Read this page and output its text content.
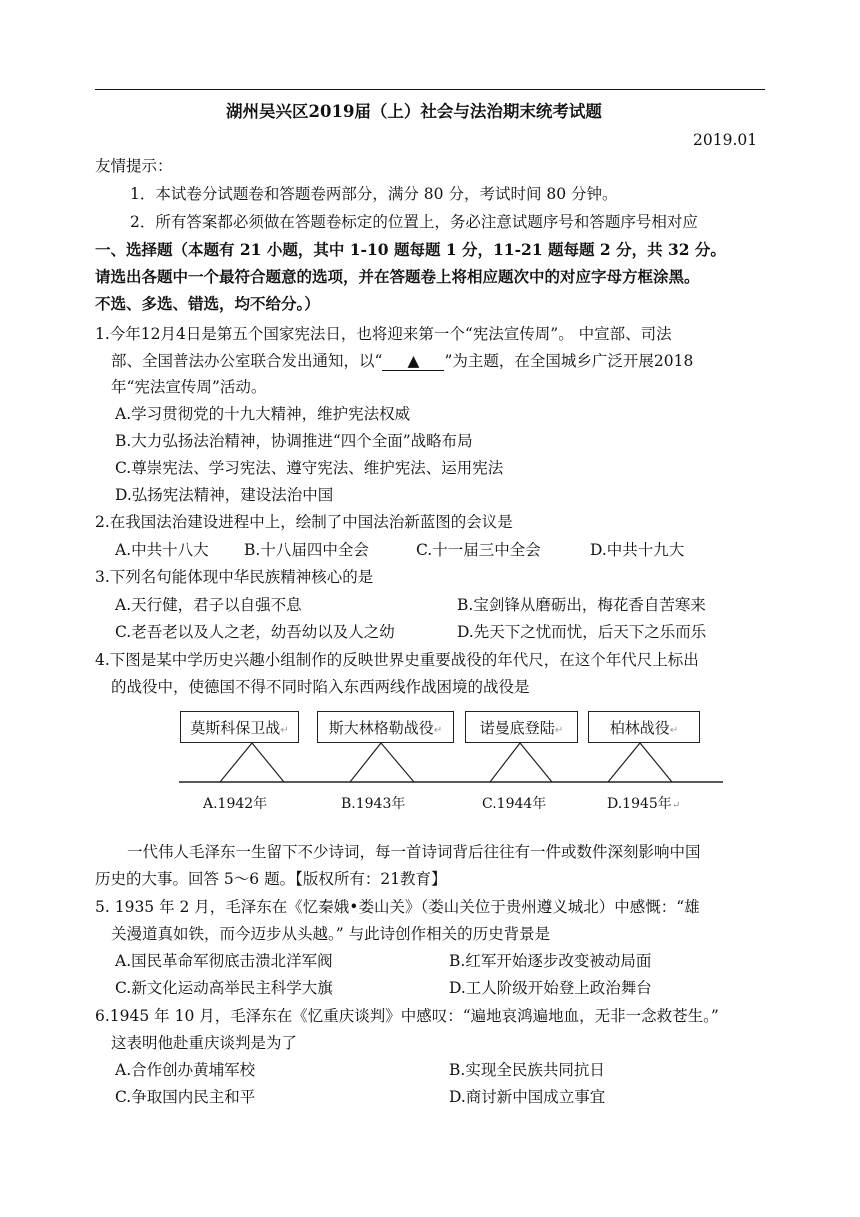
湖州吴兴区2019届（上）社会与法治期末统考试题
2019.01
友情提示：
1．本试卷分试题卷和答题卷两部分，满分 80 分，考试时间 80 分钟。
2．所有答案都必须做在答题卷标定的位置上，务必注意试题序号和答题序号相对应
一、选择题（本题有 21 小题，其中 1-10 题每题 1 分，11-21 题每题 2 分，共 32 分。
请选出各题中一个最符合题意的选项，并在答题卷上将相应题次中的对应字母方框涂黑。
不选、多选、错选，均不给分。）
1.今年12月4日是第五个国家宪法日，也将迎来第一个“宪法宣传周”。 中宣部、司法
部、全国普法办公室联合发出通知，以“ ▲ ”为主题，在全国城乡广泛开展2018
年“宪法宣传周”活动。
A.学习贯彻党的十九大精神，维护宪法权威
B.大力弘扬法治精神，协调推进“四个全面”战略布局
C.尊崇宪法、学习宪法、遵守宪法、维护宪法、运用宪法
D.弘扬宪法精神，建设法治中国
2.在我国法治建设进程中上，绘制了中国法治新蓝图的会议是
A.中共十八大 B.十八届四中全会	C.十一届三中全会	D.中共十九大
3.下列名句能体现中华民族精神核心的是
A.天行健，君子以自强不息	B.宝剑锋从磨砺出，梅花香自苦寒来
C.老吾老以及人之老，幼吾幼以及人之幼	D.先天下之忧而忧，后天下之乐而乐
4.下图是某中学历史兴趣小组制作的反映世界史重要战役的年代尺，在这个年代尺上标出
的战役中，使德国不得不同时陷入东西两线作战困境的战役是
莫斯科保卫战↵	斯大林格勒战役↵	诺曼底登陆↵	柏林战役↵
A.1942年	B.1943年	C.1944年	D.1945年↵
一代伟人毛泽东一生留下不少诗词，每一首诗词背后往往有一件或数件深刻影响中国
历史的大事。回答 5～6 题。【版权所有：21教育】
5. 1935 年 2 月，毛泽东在《忆秦娥•娄山关》（娄山关位于贵州遵义城北）中感慨：“雄
关漫道真如铁，而今迈步从头越。” 与此诗创作相关的历史背景是
A.国民革命军彻底击溃北洋军阀	B.红军开始逐步改变被动局面
C.新文化运动高举民主科学大旗	D.工人阶级开始登上政治舞台
6.1945 年 10 月，毛泽东在《忆重庆谈判》中感叹：“遍地哀鸿遍地血，无非一念救苍生。”
这表明他赴重庆谈判是为了
A.合作创办黄埔军校	B.实现全民族共同抗日
C.争取国内民主和平	D.商讨新中国成立事宜
